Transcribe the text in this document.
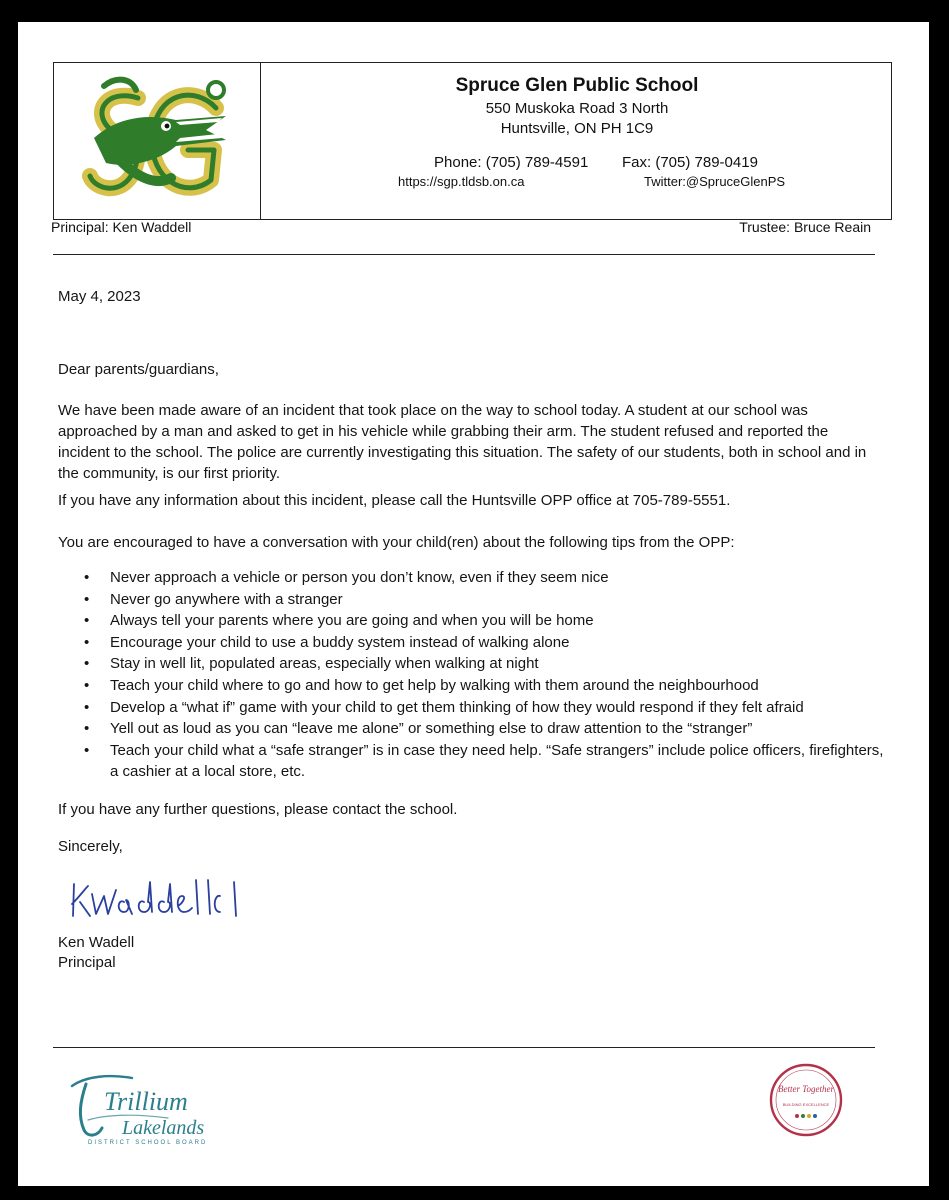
Spruce Glen Public School
550 Muskoka Road 3 North
Huntsville, ON PH 1C9
Phone: (705) 789-4591 Fax: (705) 789-0419
https://sgp.tldsb.on.ca	Twitter:@SpruceGlenPS
Principal: Ken Waddell	Trustee: Bruce Reain
May 4, 2023
Dear parents/guardians,
We have been made aware of an incident that took place on the way to school today. A student at our school was approached by a man and asked to get in his vehicle while grabbing their arm. The student refused and reported the incident to the school. The police are currently investigating this situation. The safety of our students, both in school and in the community, is our first priority.
If you have any information about this incident, please call the Huntsville OPP office at 705-789-5551.
You are encouraged to have a conversation with your child(ren) about the following tips from the OPP:
• Never approach a vehicle or person you don’t know, even if they seem nice
• Never go anywhere with a stranger
• Always tell your parents where you are going and when you will be home
• Encourage your child to use a buddy system instead of walking alone
• Stay in well lit, populated areas, especially when walking at night
• Teach your child where to go and how to get help by walking with them around the neighbourhood
• Develop a “what if” game with your child to get them thinking of how they would respond if they felt afraid
• Yell out as loud as you can “leave me alone” or something else to draw attention to the “stranger”
• Teach your child what a “safe stranger” is in case they need help. “Safe strangers” include police officers, firefighters, a cashier at a local store, etc.
If you have any further questions, please contact the school.
Sincerely,
Ken Wadell
Principal
Trillium
Lakelands
DISTRICT SCHOOL BOARD
Better Together
BUILDING EXCELLENCE
